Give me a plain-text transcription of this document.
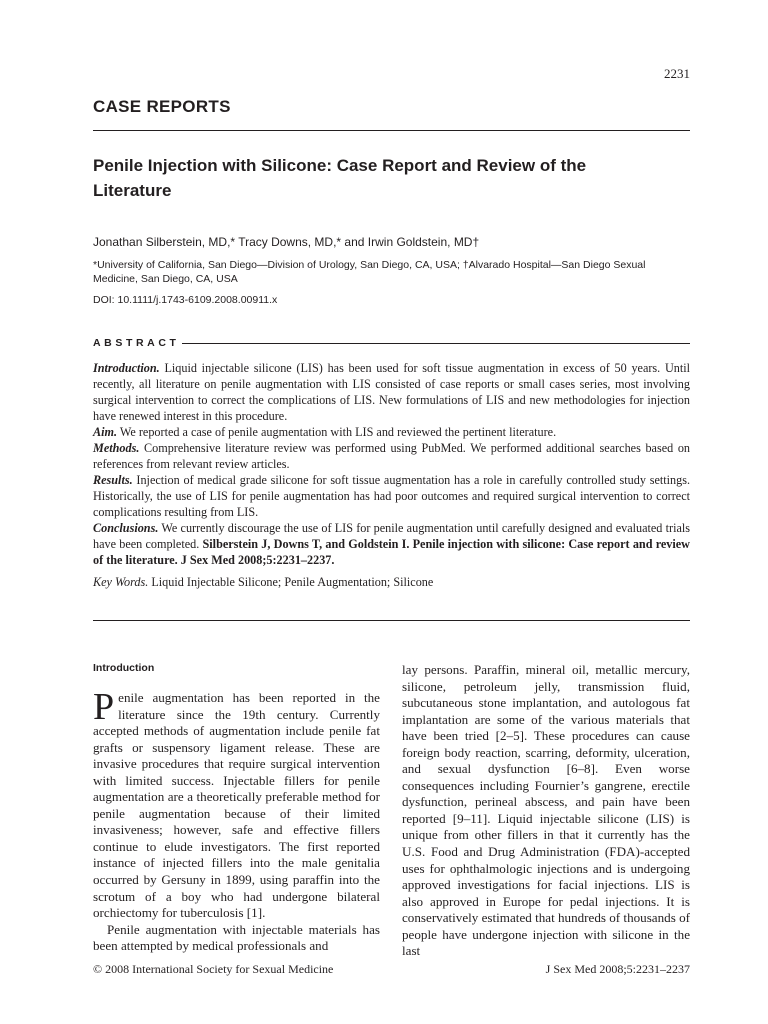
2231
CASE REPORTS
Penile Injection with Silicone: Case Report and Review of the Literature
Jonathan Silberstein, MD,* Tracy Downs, MD,* and Irwin Goldstein, MD†
*University of California, San Diego—Division of Urology, San Diego, CA, USA; †Alvarado Hospital—San Diego Sexual Medicine, San Diego, CA, USA
DOI: 10.1111/j.1743-6109.2008.00911.x
ABSTRACT

Introduction. Liquid injectable silicone (LIS) has been used for soft tissue augmentation in excess of 50 years. Until recently, all literature on penile augmentation with LIS consisted of case reports or small cases series, most involving surgical intervention to correct the complications of LIS. New formulations of LIS and new methodologies for injection have renewed interest in this procedure.

Aim. We reported a case of penile augmentation with LIS and reviewed the pertinent literature.

Methods. Comprehensive literature review was performed using PubMed. We performed additional searches based on references from relevant review articles.

Results. Injection of medical grade silicone for soft tissue augmentation has a role in carefully controlled study settings. Historically, the use of LIS for penile augmentation has had poor outcomes and required surgical intervention to correct complications resulting from LIS.

Conclusions. We currently discourage the use of LIS for penile augmentation until carefully designed and evaluated trials have been completed. Silberstein J, Downs T, and Goldstein I. Penile injection with silicone: Case report and review of the literature. J Sex Med 2008;5:2231–2237.

Key Words. Liquid Injectable Silicone; Penile Augmentation; Silicone
Introduction

Penile augmentation has been reported in the literature since the 19th century. Currently accepted methods of augmentation include penile fat grafts or suspensory ligament release. These are invasive procedures that require surgical intervention with limited success. Injectable fillers for penile augmentation are a theoretically preferable method for penile augmentation because of their limited invasiveness; however, safe and effective fillers continue to elude investigators. The first reported instance of injected fillers into the male genitalia occurred by Gersuny in 1899, using paraffin into the scrotum of a boy who had undergone bilateral orchiectomy for tuberculosis [1].

Penile augmentation with injectable materials has been attempted by medical professionals and

lay persons. Paraffin, mineral oil, metallic mercury, silicone, petroleum jelly, transmission fluid, subcutaneous stone implantation, and autologous fat implantation are some of the various materials that have been tried [2–5]. These procedures can cause foreign body reaction, scarring, deformity, ulceration, and sexual dysfunction [6–8]. Even worse consequences including Fournier’s gangrene, erectile dysfunction, perineal abscess, and pain have been reported [9–11]. Liquid injectable silicone (LIS) is unique from other fillers in that it currently has the U.S. Food and Drug Administration (FDA)-accepted uses for ophthalmologic injections and is undergoing approved investigations for facial injections. LIS is also approved in Europe for pedal injections. It is conservatively estimated that hundreds of thousands of people have undergone injection with silicone in the last

© 2008 International Society for Sexual Medicine	J Sex Med 2008;5:2231–2237
